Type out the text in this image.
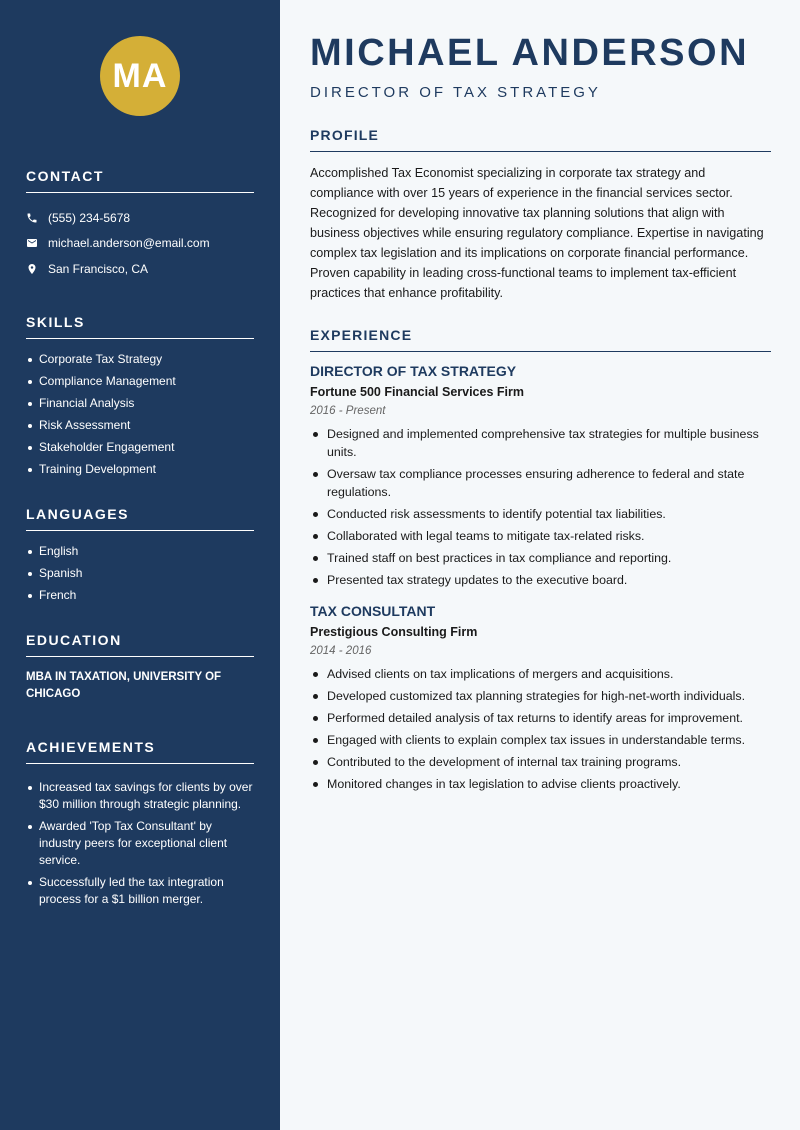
MA
CONTACT
(555) 234-5678
michael.anderson@email.com
San Francisco, CA
SKILLS
Corporate Tax Strategy
Compliance Management
Financial Analysis
Risk Assessment
Stakeholder Engagement
Training Development
LANGUAGES
English
Spanish
French
EDUCATION
MBA IN TAXATION, UNIVERSITY OF CHICAGO
ACHIEVEMENTS
Increased tax savings for clients by over $30 million through strategic planning.
Awarded 'Top Tax Consultant' by industry peers for exceptional client service.
Successfully led the tax integration process for a $1 billion merger.
MICHAEL ANDERSON
DIRECTOR OF TAX STRATEGY
PROFILE

Accomplished Tax Economist specializing in corporate tax strategy and compliance with over 15 years of experience in the financial services sector. Recognized for developing innovative tax planning solutions that align with business objectives while ensuring regulatory compliance. Expertise in navigating complex tax legislation and its implications on corporate financial performance. Proven capability in leading cross-functional teams to implement tax-efficient practices that enhance profitability.

EXPERIENCE
DIRECTOR OF TAX STRATEGY
Fortune 500 Financial Services Firm
2016 - Present
Designed and implemented comprehensive tax strategies for multiple business units.
Oversaw tax compliance processes ensuring adherence to federal and state regulations.
Conducted risk assessments to identify potential tax liabilities.
Collaborated with legal teams to mitigate tax-related risks.
Trained staff on best practices in tax compliance and reporting.
Presented tax strategy updates to the executive board.
TAX CONSULTANT
Prestigious Consulting Firm
2014 - 2016
Advised clients on tax implications of mergers and acquisitions.
Developed customized tax planning strategies for high-net-worth individuals.
Performed detailed analysis of tax returns to identify areas for improvement.
Engaged with clients to explain complex tax issues in understandable terms.
Contributed to the development of internal tax training programs.
Monitored changes in tax legislation to advise clients proactively.
